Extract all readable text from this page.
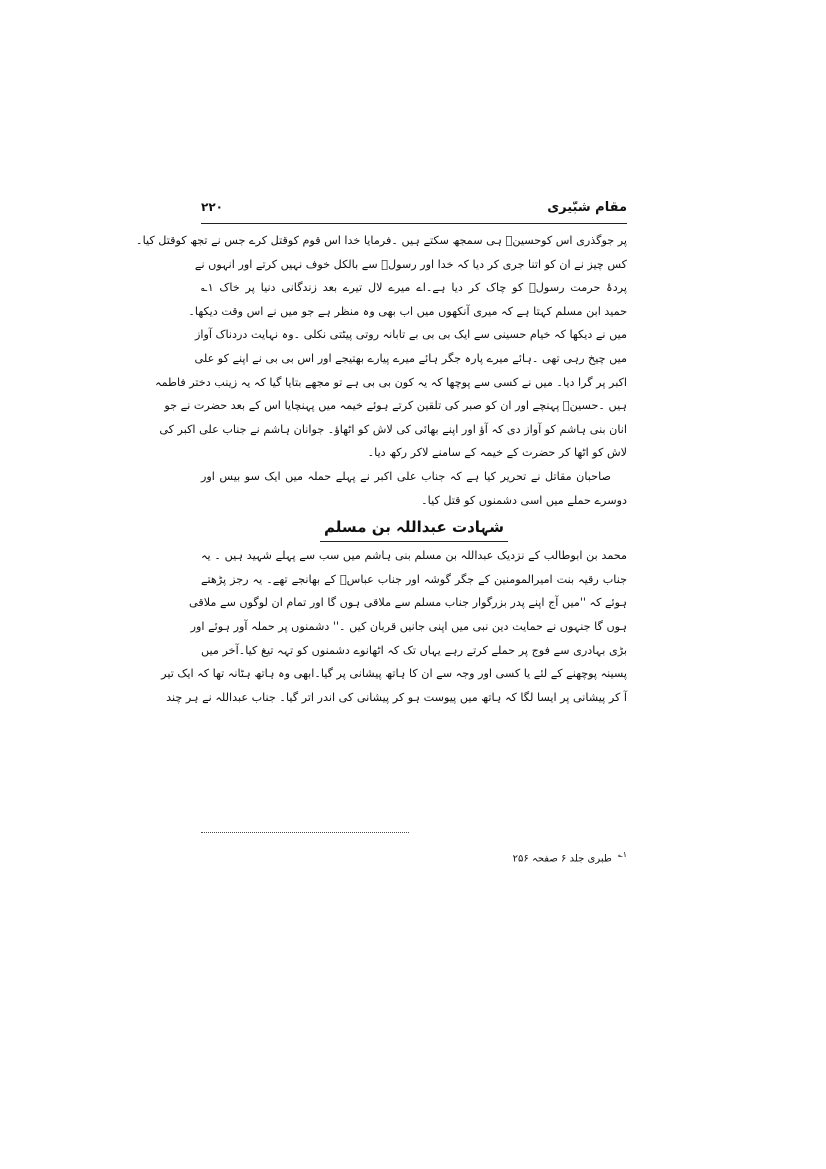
مقام شبّیری
۲۲۰

پر جوگذری اس کوحسینؑ ہی سمجھ سکتے ہیں ۔فرمایا خدا اس قوم کوقتل کرے جس نے تجھ کوقتل کیا۔
کس چیز نے ان کو اتنا جری کر دیا کہ خدا اور رسولؐ سے بالکل خوف نہیں کرتے اور انہوں نے
پردۂ حرمت رسولؐ کو چاک کر دیا ہے۔اے میرے لال تیرے بعد زندگانی دنیا پر خاک ۱؎
حمید ابن مسلم کہتا ہے کہ میری آنکھوں میں اب بھی وہ منظر ہے جو میں نے اس وقت دیکھا۔
میں نے دیکھا کہ خیام حسینی سے ایک بی بی بے تابانہ روتی پیٹتی نکلی ۔وہ نہایت دردناک آواز
میں چیخ رہی تھی ۔ہائے میرے پارہ جگر ہائے میرے پیارے بھتیجے اور اس بی بی نے اپنے کو علی
اکبر پر گرا دیا۔ میں نے کسی سے پوچھا کہ یہ کون بی بی ہے تو مجھے بتایا گیا کہ یہ زینب دختر فاطمہ
ہیں ۔حسینؑ پہنچے اور ان کو صبر کی تلقین کرتے ہوئے خیمہ میں پہنچایا اس کے بعد حضرت نے جو
انان بنی ہاشم کو آواز دی کہ آؤ اور اپنے بھائی کی لاش کو اٹھاؤ۔ جوانان ہاشم نے جناب علی اکبر کی
لاش کو اٹھا کر حضرت کے خیمہ کے سامنے لاکر رکھ دیا۔

صاحبان مقاتل نے تحریر کیا ہے کہ جناب علی اکبر نے پہلے حملہ میں ایک سو بیس اور
دوسرے حملے میں اسی دشمنوں کو قتل کیا۔

شہادت عبداللہ بن مسلم

محمد بن ابوطالب کے نزدیک عبداللہ بن مسلم بنی ہاشم میں سب سے پہلے شہید ہیں ۔ یہ
جناب رقیہ بنت امیرالمومنین کے جگر گوشہ اور جناب عباسؑ کے بھانجے تھے۔ یہ رجز پڑھتے
ہوئے کہ ''میں آج اپنے پدر بزرگوار جناب مسلم سے ملاقی ہوں گا اور تمام ان لوگوں سے ملاقی
ہوں گا جنہوں نے حمایت دین نبی میں اپنی جانیں قربان کیں ۔'' دشمنوں پر حملہ آور ہوئے اور
بڑی بہادری سے فوج پر حملے کرتے رہے یہاں تک کہ اٹھانوے دشمنوں کو تہہ تیغ کیا۔آخر میں
پسینہ پوچھنے کے لئے یا کسی اور وجہ سے ان کا ہاتھ پیشانی پر گیا۔ابھی وہ ہاتھ ہٹانہ تھا کہ ایک تیر
آ کر پیشانی پر ایسا لگا کہ ہاتھ میں پیوست ہو کر پیشانی کی اندر اتر گیا۔ جناب عبداللہ نے ہر چند

$^{۱؎}$ طبری جلد ۶ صفحہ ۲۵۶
